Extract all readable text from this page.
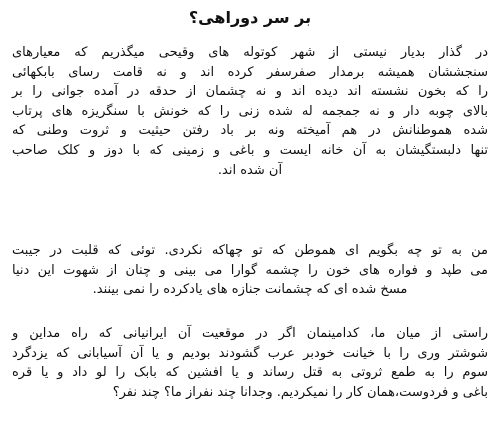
بر سر دوراهی؟
در گذار بدیار نیستی از شهر کوتوله های وقیحی میگذریم که معیارهای
سنجششان همیشه برمدار صفرسفر کرده اند و نه قامت رسای بابکهائی
را که بخون نشسته اند دیده اند و نه چشمان از حدقه در آمده جوانی را بر
بالای چوبه دار و نه جمجمه له شده زنی را که خونش با سنگریزه های پرتاب
شده هموطنانش در هم آمیخته ونه بر باد رفتن حیثیت و ثروت وطنی که
تنها دلبستگیشان به آن خانه ایست و باغی و زمینی که با دوز و کلک صاحب
آن شده اند.
من به تو چه بگویم ای هموطن که تو چهاکه نکردی. توئی که قلبت در جیبت
می طپد و فواره های خون را چشمه گوارا می بینی و چنان از شهوت این دنیا
مسخ شده ای که چشمانت جنازه های یادکرده را نمی بینند.
راستی از میان ما، کدامینمان اگر در موقعیت آن ایرانیانی که راه مداین و
شوشتر وری را با خیانت خودبر عرب گشودند بودیم و یا آن آسیابانی که یزدگرد
سوم را به طمع ثروتی به قتل رساند و یا افشین که بابک را لو داد و یا قره
باغی و فردوست،همان کار را نمیکردیم. وجدانا چند نفراز ما؟ چند نفر؟
